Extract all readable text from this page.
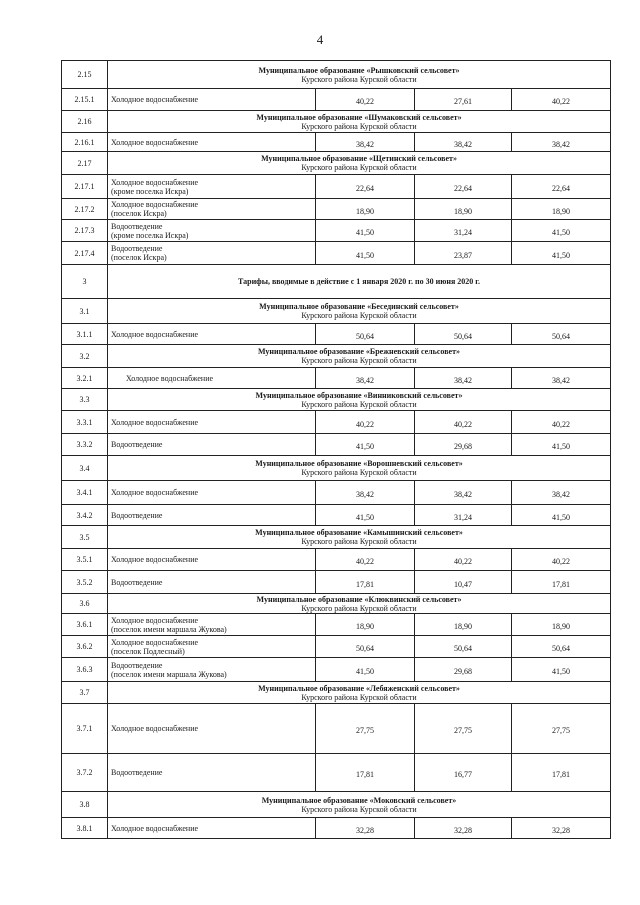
4
2.15	Муниципальное образование «Рышковский сельсовет»
Курского района Курской области			

2.15.1	Холодное водоснабжение	40,22	27,61	40,22
2.16	Муниципальное образование «Шумаковский сельсовет»
Курского района Курской области			

2.16.1	Холодное водоснабжение	38,42	38,42	38,42
2.17	Муниципальное образование «Щетинский сельсовет»
Курского района Курской области			

2.17.1	Холодное водоснабжение
(кроме поселка Искра)	22,64	22,64	22,64
2.17.2	Холодное водоснабжение
(поселок Искра)	18,90	18,90	18,90
2.17.3	Водоотведение
(кроме поселка Искра)	41,50	31,24	41,50
2.17.4	Водоотведение
(поселок Искра)	41,50	23,87	41,50
3	Тарифы, вводимые в действие с 1 января 2020 г. по 30 июня 2020 г.			
3.1	Муниципальное образование «Бесединский сельсовет»
Курского района Курской области			

3.1.1	Холодное водоснабжение	50,64	50,64	50,64
3.2	Муниципальное образование «Брежневский сельсовет»
Курского района Курской области			

3.2.1	Холодное водоснабжение	38,42	38,42	38,42
3.3	Муниципальное образование «Винниковский сельсовет»
Курского района Курской области			

3.3.1	Холодное водоснабжение	40,22	40,22	40,22
3.3.2	Водоотведение	41,50	29,68	41,50
3.4	Муниципальное образование «Ворошневский сельсовет»
Курского района Курской области			

3.4.1	Холодное водоснабжение	38,42	38,42	38,42
3.4.2	Водоотведение	41,50	31,24	41,50
3.5	Муниципальное образование «Камышинский сельсовет»
Курского района Курской области			

3.5.1	Холодное водоснабжение	40,22	40,22	40,22
3.5.2	Водоотведение	17,81	10,47	17,81
3.6	Муниципальное образование «Клюквинский сельсовет»
Курского района Курской области			

3.6.1	Холодное водоснабжение
(поселок имени маршала Жукова)	18,90	18,90	18,90
3.6.2	Холодное водоснабжение
(поселок Подлесный)	50,64	50,64	50,64
3.6.3	Водоотведение
(поселок имени маршала Жукова)	41,50	29,68	41,50
3.7	Муниципальное образование «Лебяженский сельсовет»
Курского района Курской области			

3.7.1	Холодное водоснабжение	27,75	27,75	27,75
3.7.2	Водоотведение	17,81	16,77	17,81
3.8	Муниципальное образование «Моковский сельсовет»
Курского района Курской области			

3.8.1	Холодное водоснабжение	32,28	32,28	32,28
